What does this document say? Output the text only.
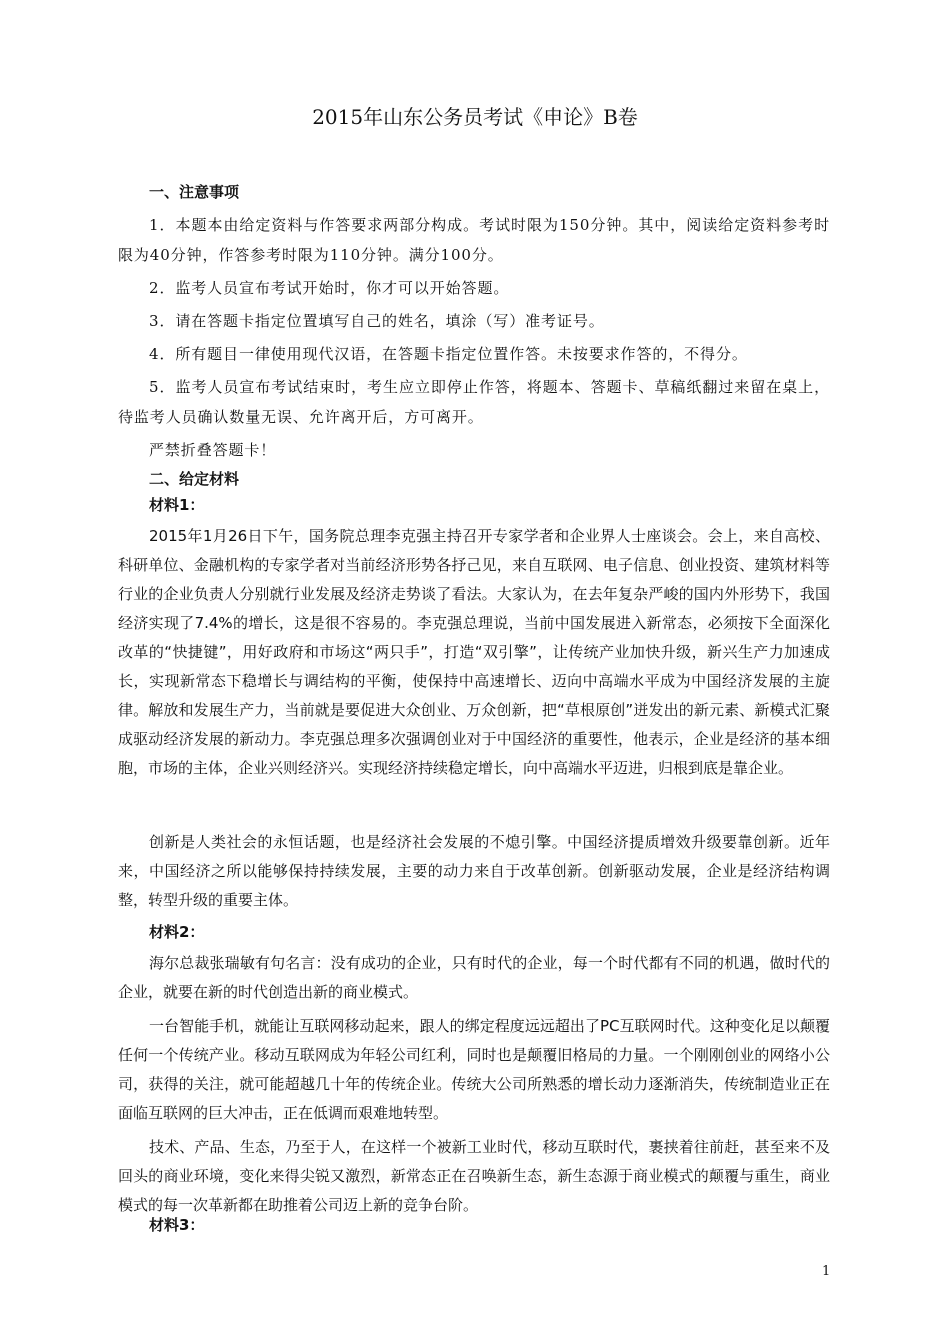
2015年山东公务员考试《申论》B卷
一、注意事项

1．本题本由给定资料与作答要求两部分构成。考试时限为150分钟。其中，阅读给定资料参考时限为40分钟，作答参考时限为110分钟。满分100分。

2．监考人员宣布考试开始时，你才可以开始答题。

3．请在答题卡指定位置填写自己的姓名，填涂（写）准考证号。

4．所有题目一律使用现代汉语，在答题卡指定位置作答。未按要求作答的，不得分。

5．监考人员宣布考试结束时，考生应立即停止作答，将题本、答题卡、草稿纸翻过来留在桌上，待监考人员确认数量无误、允许离开后，方可离开。

严禁折叠答题卡！

二、给定材料
材料1：

2015年1月26日下午，国务院总理李克强主持召开专家学者和企业界人士座谈会。会上，来自高校、科研单位、金融机构的专家学者对当前经济形势各抒己见，来自互联网、电子信息、创业投资、建筑材料等行业的企业负责人分别就行业发展及经济走势谈了看法。大家认为，在去年复杂严峻的国内外形势下，我国经济实现了7.4%的增长，这是很不容易的。李克强总理说，当前中国发展进入新常态，必须按下全面深化改革的“快捷键”，用好政府和市场这“两只手”，打造“双引擎”，让传统产业加快升级，新兴生产力加速成长，实现新常态下稳增长与调结构的平衡，使保持中高速增长、迈向中高端水平成为中国经济发展的主旋律。解放和发展生产力，当前就是要促进大众创业、万众创新，把“草根原创”迸发出的新元素、新模式汇聚成驱动经济发展的新动力。李克强总理多次强调创业对于中国经济的重要性，他表示，企业是经济的基本细胞，市场的主体，企业兴则经济兴。实现经济持续稳定增长，向中高端水平迈进，归根到底是靠企业。

创新是人类社会的永恒话题，也是经济社会发展的不熄引擎。中国经济提质增效升级要靠创新。近年来，中国经济之所以能够保持持续发展，主要的动力来自于改革创新。创新驱动发展，企业是经济结构调整，转型升级的重要主体。

材料2：

海尔总裁张瑞敏有句名言：没有成功的企业，只有时代的企业，每一个时代都有不同的机遇，做时代的企业，就要在新的时代创造出新的商业模式。

一台智能手机，就能让互联网移动起来，跟人的绑定程度远远超出了PC互联网时代。这种变化足以颠覆任何一个传统产业。移动互联网成为年轻公司红利，同时也是颠覆旧格局的力量。一个刚刚创业的网络小公司，获得的关注，就可能超越几十年的传统企业。传统大公司所熟悉的增长动力逐渐消失，传统制造业正在面临互联网的巨大冲击，正在低调而艰难地转型。

技术、产品、生态，乃至于人，在这样一个被新工业时代，移动互联时代，裹挟着往前赶，甚至来不及回头的商业环境，变化来得尖锐又激烈，新常态正在召唤新生态，新生态源于商业模式的颠覆与重生，商业模式的每一次革新都在助推着公司迈上新的竞争台阶。

材料3：
1
